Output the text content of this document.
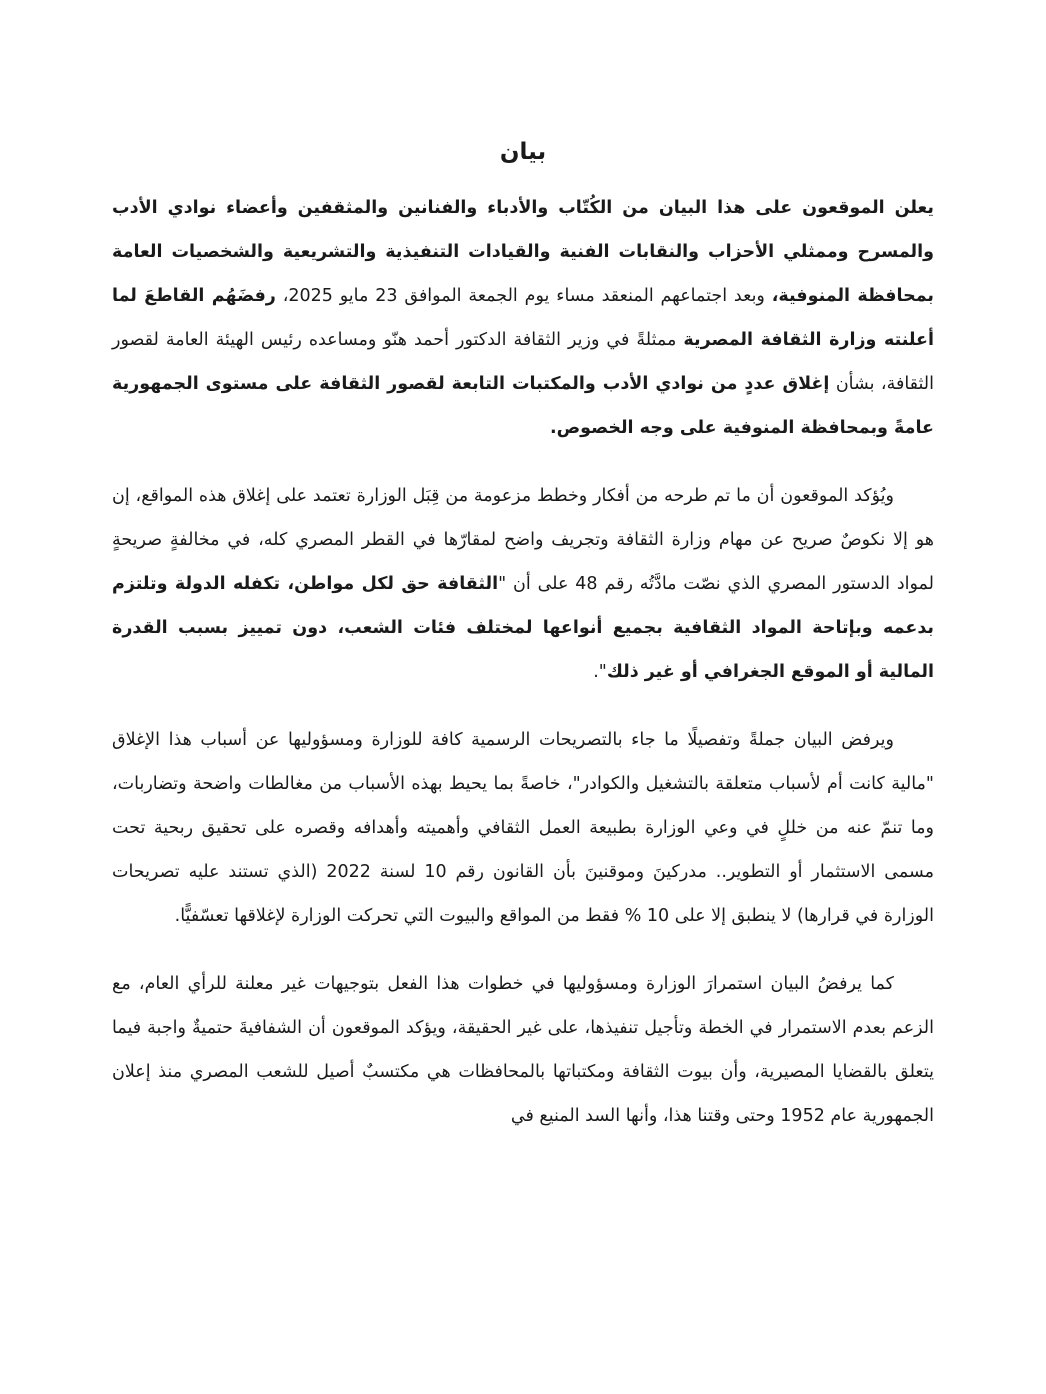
بيان

يعلن الموقعون على هذا البيان من الكُتّاب والأدباء والفنانين والمثقفين وأعضاء نوادي الأدب والمسرح وممثلي الأحزاب والنقابات الفنية والقيادات التنفيذية والتشريعية والشخصيات العامة بمحافظة المنوفية، وبعد اجتماعهم المنعقد مساء يوم الجمعة الموافق 23 مايو 2025، رفضَهُم القاطعَ لما أعلنته وزارة الثقافة المصرية ممثلةً في وزير الثقافة الدكتور أحمد هنّو ومساعده رئيس الهيئة العامة لقصور الثقافة، بشأن إغلاق عددٍ من نوادي الأدب والمكتبات التابعة لقصور الثقافة على مستوى الجمهورية عامةً وبمحافظة المنوفية على وجه الخصوص.

ويُؤكد الموقعون أن ما تم طرحه من أفكار وخطط مزعومة من قِبَل الوزارة تعتمد على إغلاق هذه المواقع، إن هو إلا نكوصٌ صريح عن مهام وزارة الثقافة وتجريف واضح لمقارّها في القطر المصري كله، في مخالفةٍ صريحةٍ لمواد الدستور المصري الذي نصّت مادَّتُه رقم 48 على أن "الثقافة حق لكل مواطن، تكفله الدولة وتلتزم بدعمه وبإتاحة المواد الثقافية بجميع أنواعها لمختلف فئات الشعب، دون تمييز بسبب القدرة المالية أو الموقع الجغرافي أو غير ذلك".

ويرفض البيان جملةً وتفصيلًا ما جاء بالتصريحات الرسمية كافة للوزارة ومسؤوليها عن أسباب هذا الإغلاق "مالية كانت أم لأسباب متعلقة بالتشغيل والكوادر"، خاصةً بما يحيط بهذه الأسباب من مغالطات واضحة وتضاربات، وما تنمّ عنه من خللٍ في وعي الوزارة بطبيعة العمل الثقافي وأهميته وأهدافه وقصره على تحقيق ربحية تحت مسمى الاستثمار أو التطوير.. مدركينَ وموقنينَ بأن القانون رقم 10 لسنة 2022 (الذي تستند عليه تصريحات الوزارة في قرارها) لا ينطبق إلا على 10 % فقط من المواقع والبيوت التي تحركت الوزارة لإغلاقها تعسّفيًّا.

كما يرفضُ البيان استمرارَ الوزارة ومسؤوليها في خطوات هذا الفعل بتوجيهات غير معلنة للرأي العام، مع الزعم بعدم الاستمرار في الخطة وتأجيل تنفيذها، على غير الحقيقة، ويؤكد الموقعون أن الشفافيةَ حتميةٌ واجبة فيما يتعلق بالقضايا المصيرية، وأن بيوت الثقافة ومكتباتها بالمحافظات هي مكتسبٌ أصيل للشعب المصري منذ إعلان الجمهورية عام 1952 وحتى وقتنا هذا، وأنها السد المنيع في
